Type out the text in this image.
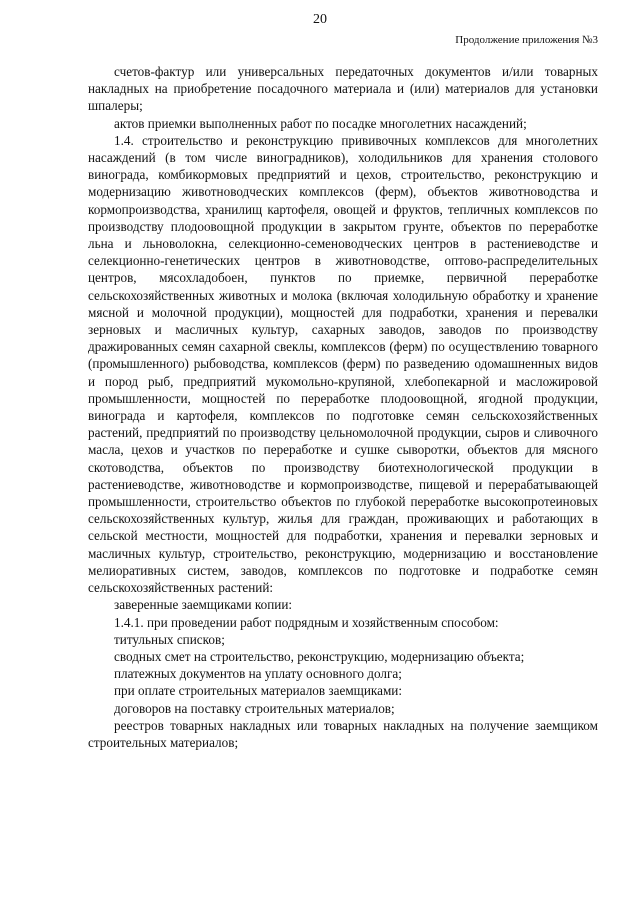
20
Продолжение приложения №3

счетов-фактур или универсальных передаточных документов и/или товарных накладных на приобретение посадочного материала и (или) материалов для установки шпалеры;

актов приемки выполненных работ по посадке многолетних насаждений;

1.4. строительство и реконструкцию прививочных комплексов для многолетних насаждений (в том числе виноградников), холодильников для хранения столового винограда, комбикормовых предприятий и цехов, строительство, реконструкцию и модернизацию животноводческих комплексов (ферм), объектов животноводства и кормопроизводства, хранилищ картофеля, овощей и фруктов, тепличных комплексов по производству плодоовощной продукции в закрытом грунте, объектов по переработке льна и льноволокна, селекционно-семеноводческих центров в растениеводстве и селекционно-генетических центров в животноводстве, оптово-распределительных центров, мясохладобоен, пунктов по приемке, первичной переработке сельскохозяйственных животных и молока (включая холодильную обработку и хранение мясной и молочной продукции), мощностей для подработки, хранения и перевалки зерновых и масличных культур, сахарных заводов, заводов по производству дражированных семян сахарной свеклы, комплексов (ферм) по осуществлению товарного (промышленного) рыбоводства, комплексов (ферм) по разведению одомашненных видов и пород рыб, предприятий мукомольно-крупяной, хлебопекарной и масложировой промышленности, мощностей по переработке плодоовощной, ягодной продукции, винограда и картофеля, комплексов по подготовке семян сельскохозяйственных растений, предприятий по производству цельномолочной продукции, сыров и сливочного масла, цехов и участков по переработке и сушке сыворотки, объектов для мясного скотоводства, объектов по производству биотехнологической продукции в растениеводстве, животноводстве и кормопроизводстве, пищевой и перерабатывающей промышленности, строительство объектов по глубокой переработке высокопротеиновых сельскохозяйственных культур, жилья для граждан, проживающих и работающих в сельской местности, мощностей для подработки, хранения и перевалки зерновых и масличных культур, строительство, реконструкцию, модернизацию и восстановление мелиоративных систем, заводов, комплексов по подготовке и подработке семян сельскохозяйственных растений:

заверенные заемщиками копии:

1.4.1. при проведении работ подрядным и хозяйственным способом:

титульных списков;

сводных смет на строительство, реконструкцию, модернизацию объекта;

платежных документов на уплату основного долга;

при оплате строительных материалов заемщиками:

договоров на поставку строительных материалов;

реестров товарных накладных или товарных накладных на получение заемщиком строительных материалов;
